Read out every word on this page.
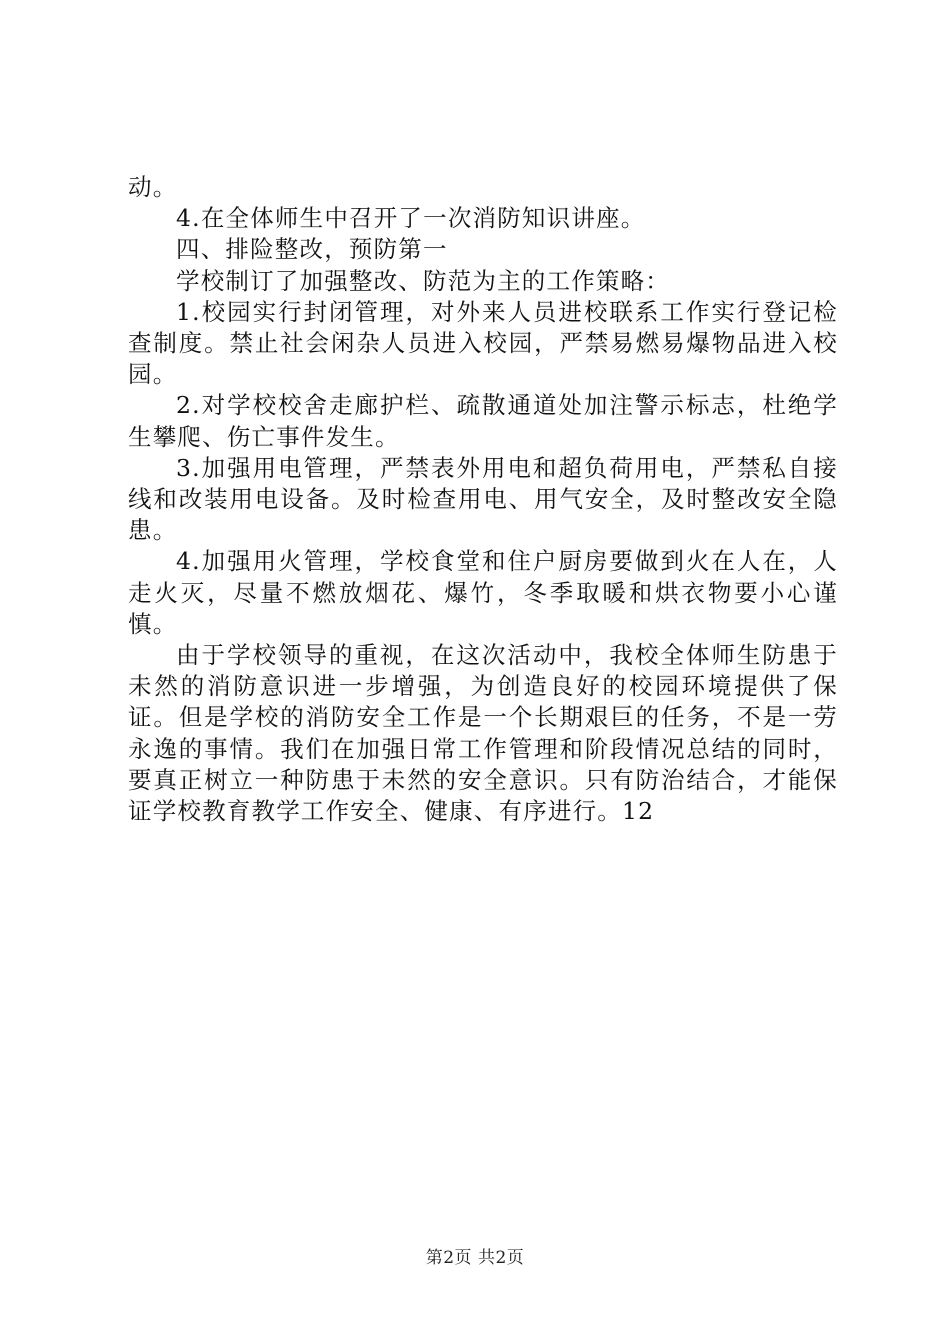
动。

4.在全体师生中召开了一次消防知识讲座。

四、排险整改，预防第一

学校制订了加强整改、防范为主的工作策略：

1.校园实行封闭管理，对外来人员进校联系工作实行登记检查制度。禁止社会闲杂人员进入校园，严禁易燃易爆物品进入校园。

2.对学校校舍走廊护栏、疏散通道处加注警示标志，杜绝学生攀爬、伤亡事件发生。

3.加强用电管理，严禁表外用电和超负荷用电，严禁私自接线和改装用电设备。及时检查用电、用气安全，及时整改安全隐患。

4.加强用火管理，学校食堂和住户厨房要做到火在人在，人走火灭，尽量不燃放烟花、爆竹，冬季取暖和烘衣物要小心谨慎。

由于学校领导的重视，在这次活动中，我校全体师生防患于未然的消防意识进一步增强，为创造良好的校园环境提供了保证。但是学校的消防安全工作是一个长期艰巨的任务，不是一劳永逸的事情。我们在加强日常工作管理和阶段情况总结的同时，要真正树立一种防患于未然的安全意识。只有防治结合，才能保证学校教育教学工作安全、健康、有序进行。12

第2页 共2页
